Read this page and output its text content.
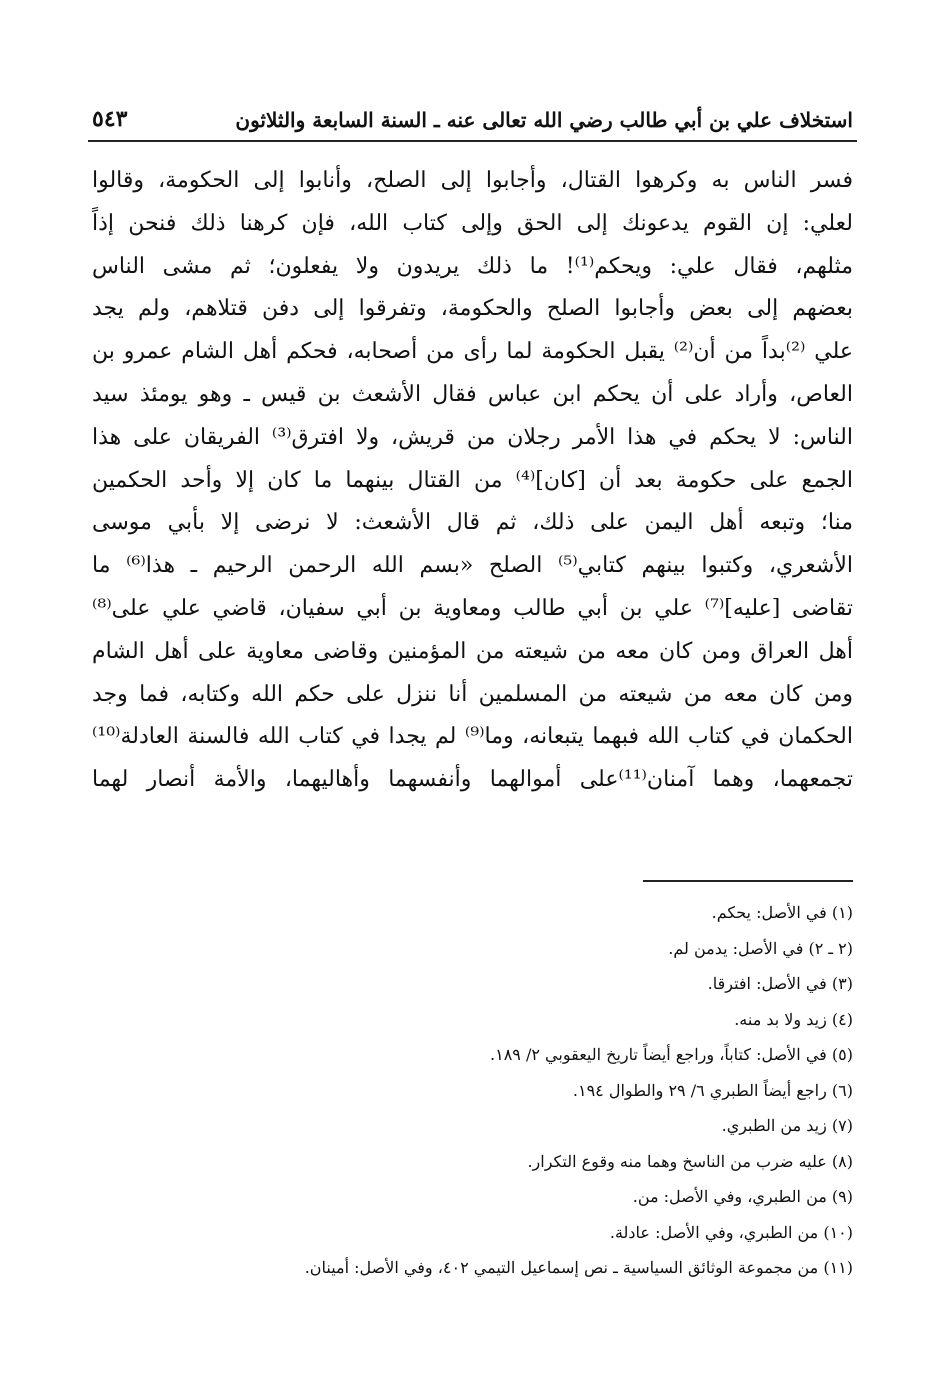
استخلاف علي بن أبي طالب رضي الله تعالى عنه ـ السنة السابعة والثلاثون
٥٤٣
فسر الناس به وكرهوا القتال، وأجابوا إلى الصلح، وأنابوا إلى الحكومة، وقالوا
لعلي: إن القوم يدعونك إلى الحق وإلى كتاب الله، فإن كرهنا ذلك فنحن إذاً
مثلهم، فقال علي: ويحكم⁽¹⁾! ما ذلك يريدون ولا يفعلون؛ ثم مشى الناس
بعضهم إلى بعض وأجابوا الصلح والحكومة، وتفرقوا إلى دفن قتلاهم، ولم يجد
علي ⁽²⁾بداً من أن⁽²⁾ يقبل الحكومة لما رأى من أصحابه، فحكم أهل الشام عمرو بن
العاص، وأراد على أن يحكم ابن عباس فقال الأشعث بن قيس ـ وهو يومئذ سيد
الناس: لا يحكم في هذا الأمر رجلان من قريش، ولا افترق⁽³⁾ الفريقان على هذا
الجمع على حكومة بعد أن [كان]⁽⁴⁾ من القتال بينهما ما كان إلا وأحد الحكمين
منا؛ وتبعه أهل اليمن على ذلك، ثم قال الأشعث: لا نرضى إلا بأبي موسى
الأشعري، وكتبوا بينهم كتابي⁽⁵⁾ الصلح «بسم الله الرحمن الرحيم ـ هذا⁽⁶⁾ ما
تقاضى [عليه]⁽⁷⁾ علي بن أبي طالب ومعاوية بن أبي سفيان، قاضي علي على⁽⁸⁾
أهل العراق ومن كان معه من شيعته من المؤمنين وقاضى معاوية على أهل الشام
ومن كان معه من شيعته من المسلمين أنا ننزل على حكم الله وكتابه، فما وجد
الحكمان في كتاب الله فبهما يتبعانه، وما⁽⁹⁾ لم يجدا في كتاب الله فالسنة العادلة⁽¹⁰⁾
تجمعهما، وهما آمنان⁽¹¹⁾على أموالهما وأنفسهما وأهاليهما، والأمة أنصار لهما
(١) في الأصل: يحكم.
(٢ ـ ٢) في الأصل: يدمن لم.
(٣) في الأصل: افترقا.
(٤) زيد ولا بد منه.
(٥) في الأصل: كتاباً، وراجع أيضاً تاريخ اليعقوبي ٢/ ١٨٩.
(٦) راجع أيضاً الطبري ٦/ ٢٩ والطوال ١٩٤.
(٧) زيد من الطبري.
(٨) عليه ضرب من الناسخ وهما منه وقوع التكرار.
(٩) من الطبري، وفي الأصل: من.
(١٠) من الطبري، وفي الأصل: عادلة.
(١١) من مجموعة الوثائق السياسية ـ نص إسماعيل التيمي ٤٠٢، وفي الأصل: أمينان.
